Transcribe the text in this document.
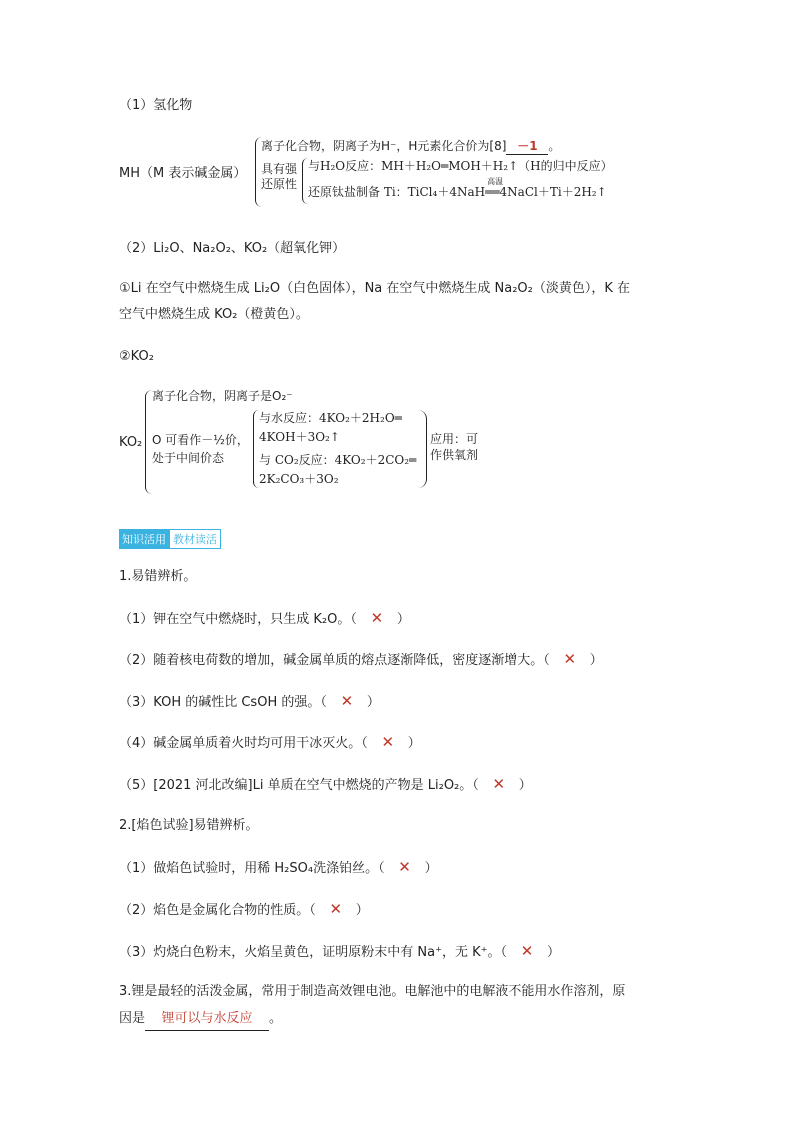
（1）氢化物
MH（M 表示碱金属）
离子化合物，阴离子为H⁻，H元素化合价为[8] －1 。
具有强还原性
与H₂O反应：MH＋H₂O═MOH＋H₂↑（H的归中反应）
还原钛盐制备 Ti：TiCl₄＋4NaH
高温
══4NaCl＋Ti＋2H₂↑
（2）Li₂O、Na₂O₂、KO₂（超氧化钾）
①Li 在空气中燃烧生成 Li₂O（白色固体），Na 在空气中燃烧生成 Na₂O₂（淡黄色），K 在
空气中燃烧生成 KO₂（橙黄色）。
②KO₂
KO₂
离子化合物，阴离子是O₂⁻
O 可看作－½价，
处于中间价态
与水反应：4KO₂＋2H₂O═
4KOH＋3O₂↑
与 CO₂反应：4KO₂＋2CO₂═
2K₂CO₃＋3O₂
应用：可
作供氧剂
知识活用 教材读活
1.易错辨析。
（1）钾在空气中燃烧时，只生成 K₂O。（ ✕ ）
（2）随着核电荷数的增加，碱金属单质的熔点逐渐降低，密度逐渐增大。（ ✕ ）
（3）KOH 的碱性比 CsOH 的强。（ ✕ ）
（4）碱金属单质着火时均可用干冰灭火。（ ✕ ）
（5）[2021 河北改编]Li 单质在空气中燃烧的产物是 Li₂O₂。（ ✕ ）
2.[焰色试验]易错辨析。
（1）做焰色试验时，用稀 H₂SO₄洗涤铂丝。（ ✕ ）
（2）焰色是金属化合物的性质。（ ✕ ）
（3）灼烧白色粉末，火焰呈黄色，证明原粉末中有 Na⁺，无 K⁺。（ ✕ ）
3.锂是最轻的活泼金属，常用于制造高效锂电池。电解池中的电解液不能用水作溶剂，原
因是 锂可以与水反应 。
